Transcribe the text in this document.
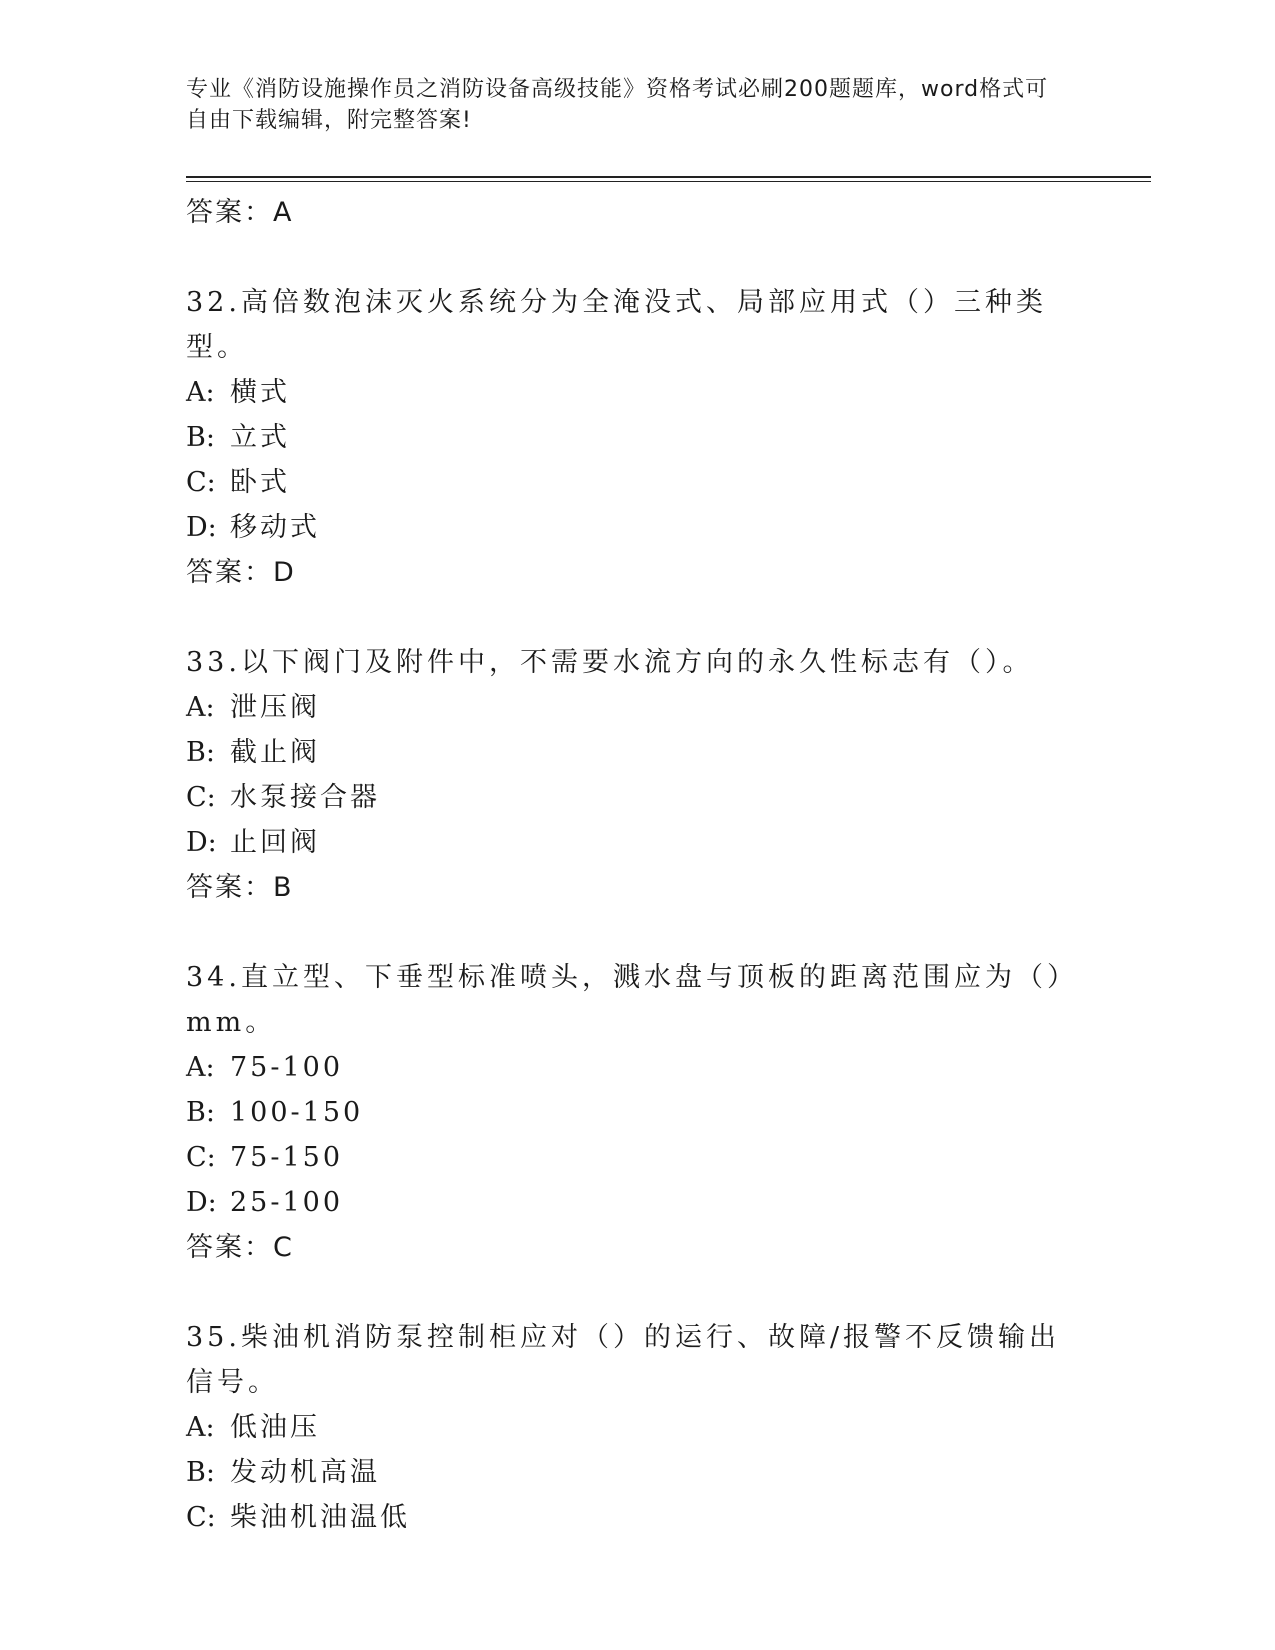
专业《消防设施操作员之消防设备高级技能》资格考试必刷200题题库，word格式可自由下载编辑，附完整答案!
答案：A
32.高倍数泡沫灭火系统分为全淹没式、局部应用式（）三种类型。
A: 横式
B: 立式
C: 卧式
D: 移动式
答案：D
33.以下阀门及附件中，不需要水流方向的永久性标志有（）。
A: 泄压阀
B: 截止阀
C: 水泵接合器
D: 止回阀
答案：B
34.直立型、下垂型标准喷头，溅水盘与顶板的距离范围应为（）mm。
A: 75-100
B: 100-150
C: 75-150
D: 25-100
答案：C
35.柴油机消防泵控制柜应对（）的运行、故障/报警不反馈输出信号。
A: 低油压
B: 发动机高温
C: 柴油机油温低
